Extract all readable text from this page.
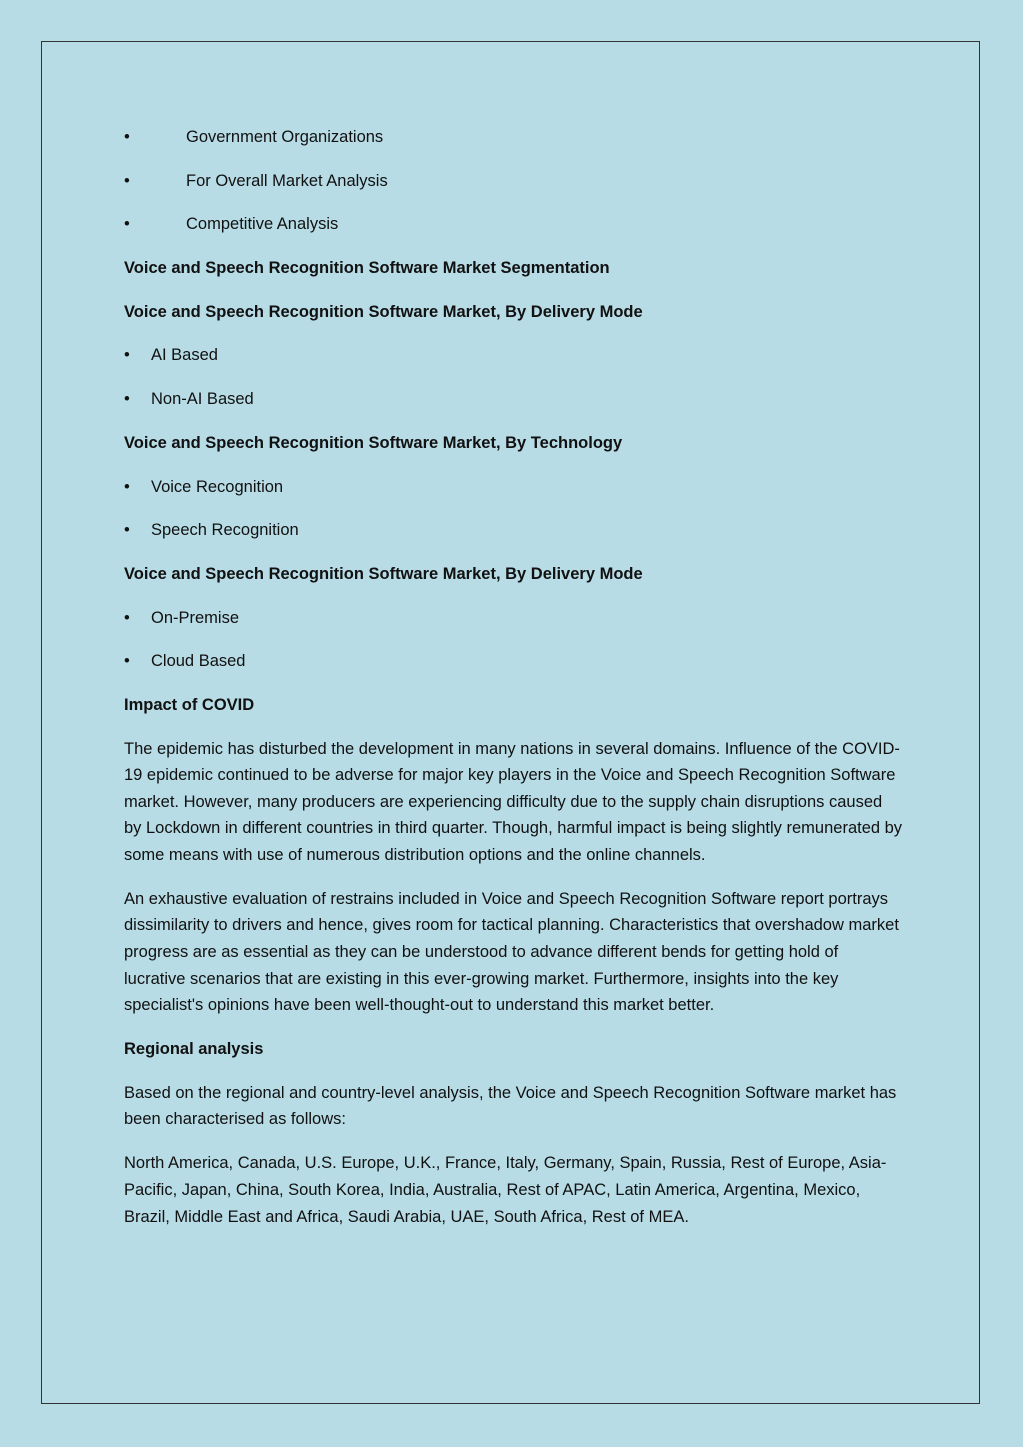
•	Government Organizations
•	For Overall Market Analysis
•	Competitive Analysis
Voice and Speech Recognition Software Market Segmentation
Voice and Speech Recognition Software Market, By Delivery Mode
• AI Based
• Non-AI Based
Voice and Speech Recognition Software Market, By Technology
• Voice Recognition
• Speech Recognition
Voice and Speech Recognition Software Market, By Delivery Mode
• On-Premise
• Cloud Based
Impact of COVID

The epidemic has disturbed the development in many nations in several domains. Influence of the COVID-19 epidemic continued to be adverse for major key players in the Voice and Speech Recognition Software market. However, many producers are experiencing difficulty due to the supply chain disruptions caused by Lockdown in different countries in third quarter. Though, harmful impact is being slightly remunerated by some means with use of numerous distribution options and the online channels.

An exhaustive evaluation of restrains included in Voice and Speech Recognition Software report portrays dissimilarity to drivers and hence, gives room for tactical planning. Characteristics that overshadow market progress are as essential as they can be understood to advance different bends for getting hold of lucrative scenarios that are existing in this ever-growing market. Furthermore, insights into the key specialist's opinions have been well-thought-out to understand this market better.

Regional analysis

Based on the regional and country-level analysis, the Voice and Speech Recognition Software market has been characterised as follows:

North America, Canada, U.S. Europe, U.K., France, Italy, Germany, Spain, Russia, Rest of Europe, Asia-Pacific, Japan, China, South Korea, India, Australia, Rest of APAC, Latin America, Argentina, Mexico, Brazil, Middle East and Africa, Saudi Arabia, UAE, South Africa, Rest of MEA.
